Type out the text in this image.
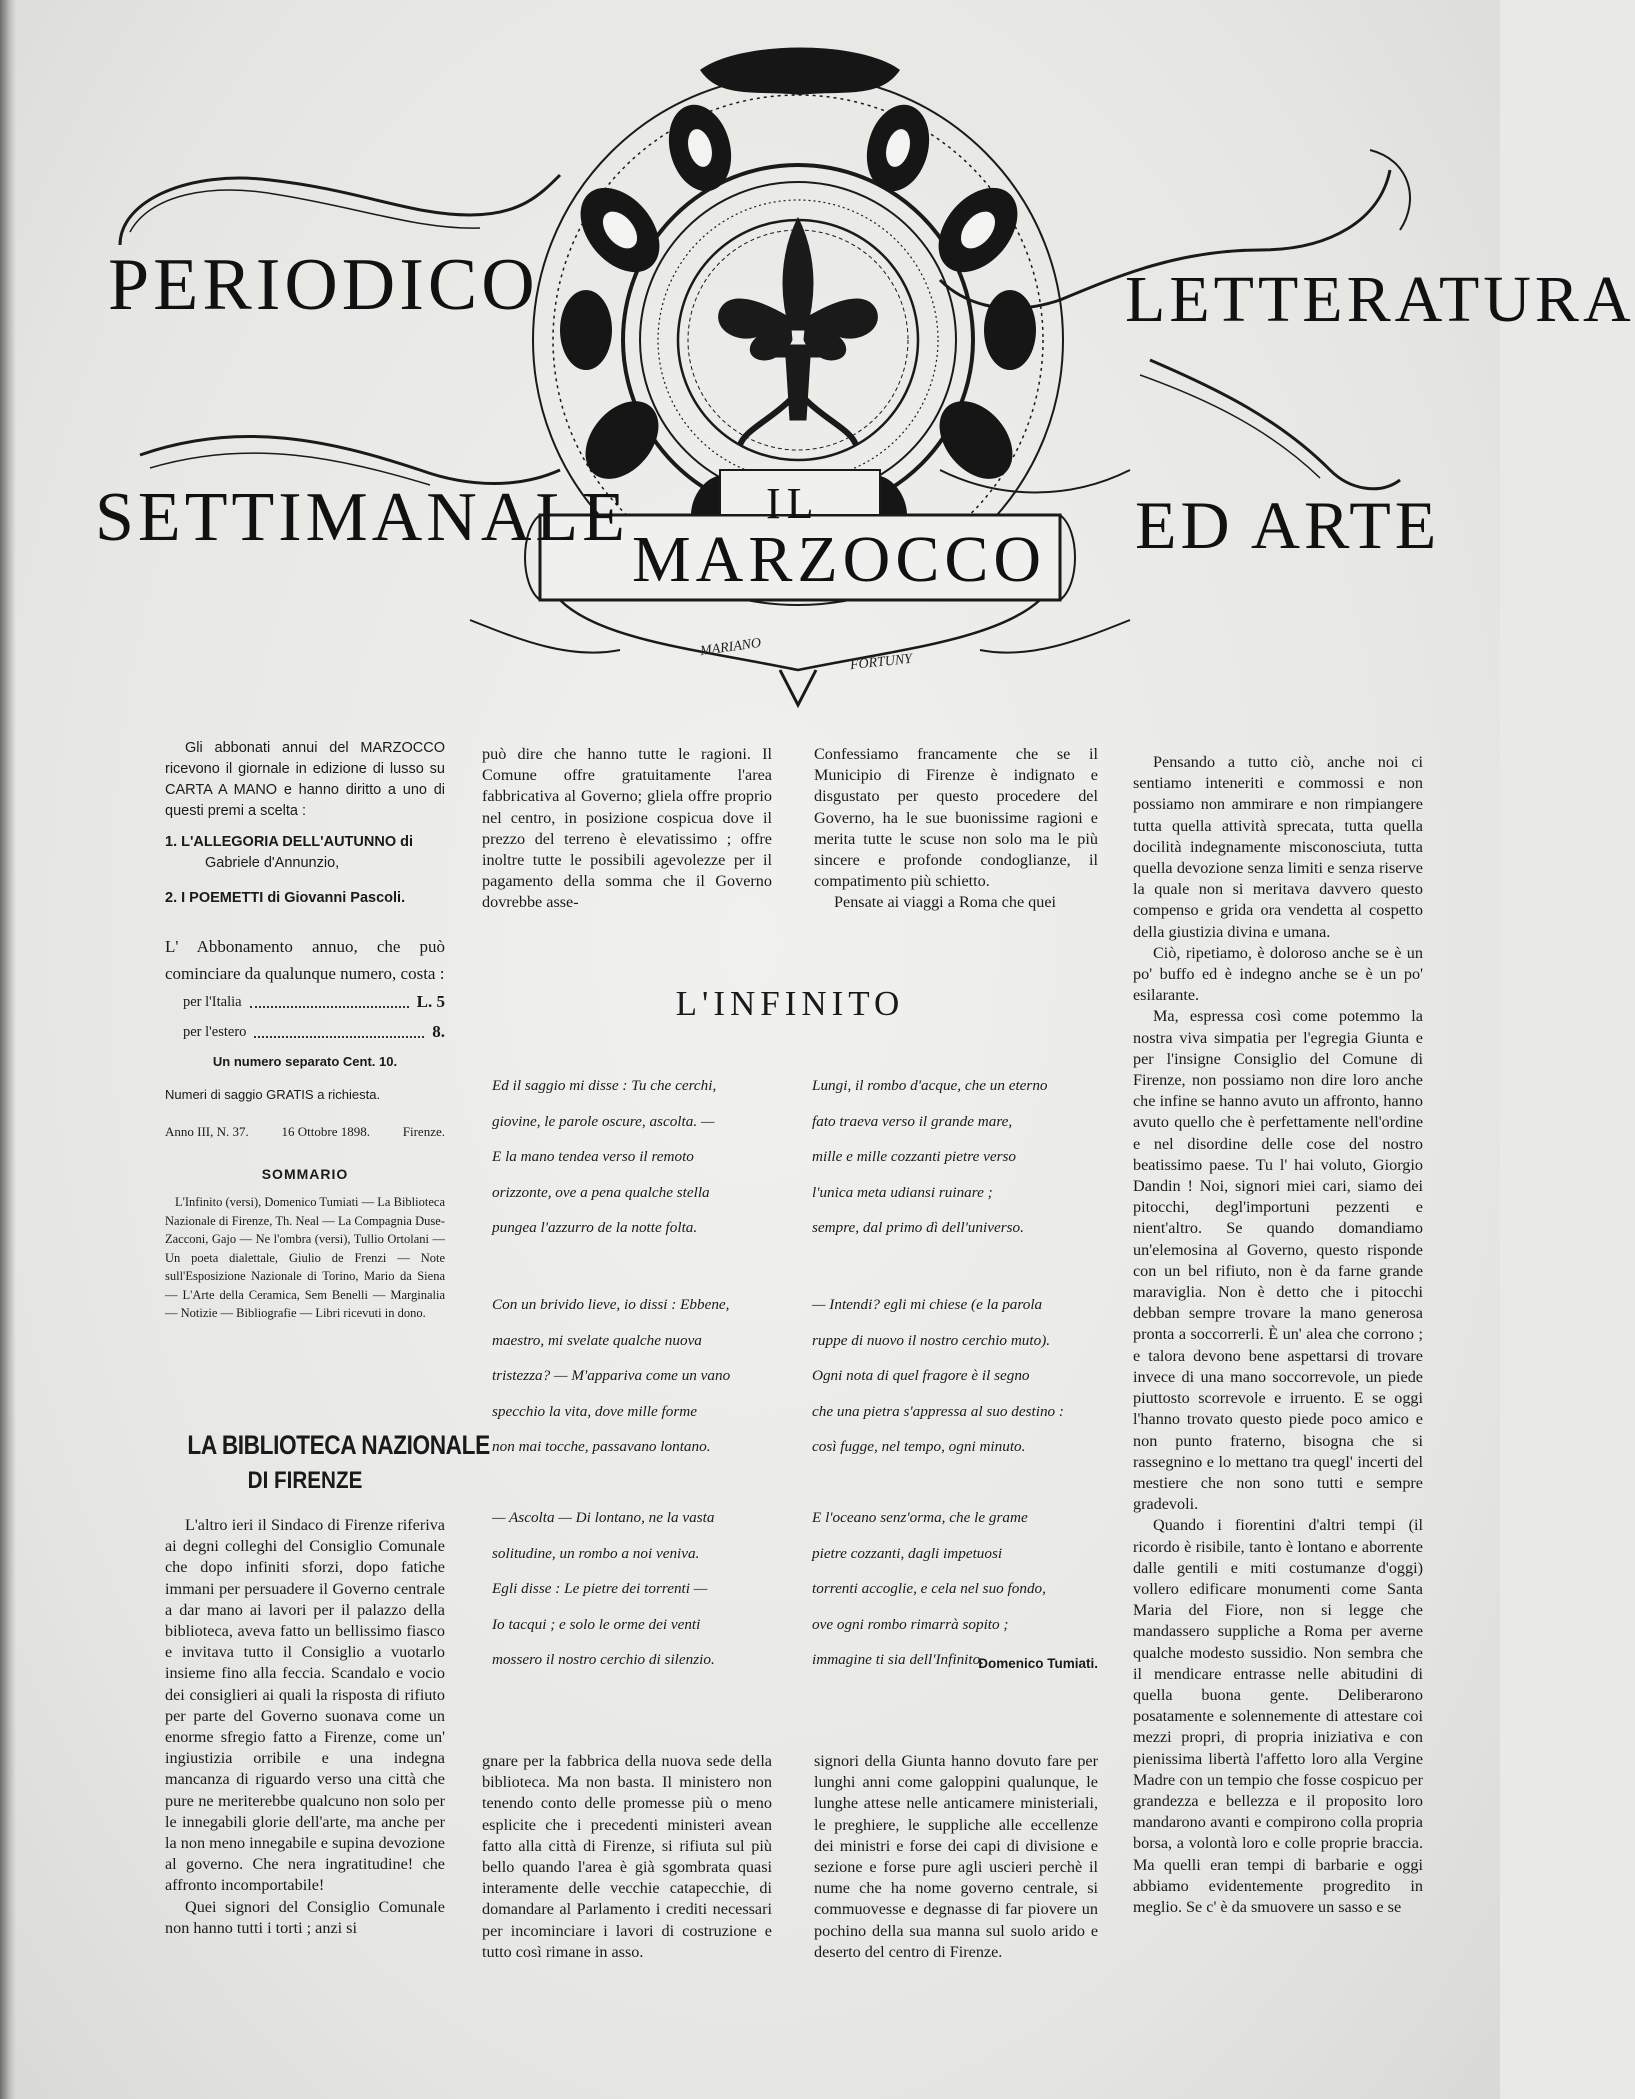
PERIODICO
SETTIMANALE
LETTERATURA
ED ARTE
IL
MARZOCCO
MARIANO
FORTUNY

Gli abbonati annui del MARZOCCO ricevono il giornale in edizione di lusso su CARTA A MANO e hanno diritto a uno di questi premi a scelta :

1. L'ALLEGORIA DELL'AUTUNNO di
Gabriele d'Annunzio,
2. I POEMETTI di Giovanni Pascoli.
L' Abbonamento annuo, che può cominciare da qualunque numero, costa :
per l'Italia	L. 5
per l'estero	8.
Un numero separato Cent. 10.
Numeri di saggio GRATIS a richiesta.
Anno III, N. 37.	16 Ottobre 1898.	Firenze.
SOMMARIO
L'Infinito (versi), Domenico Tumiati — La Biblioteca Nazionale di Firenze, Th. Neal — La Compagnia Duse-Zacconi, Gajo — Ne l'ombra (versi), Tullio Ortolani — Un poeta dialettale, Giulio de Frenzi — Note sull'Esposizione Nazionale di Torino, Mario da Siena — L'Arte della Ceramica, Sem Benelli — Marginalia — Notizie — Bibliografie — Libri ricevuti in dono.
LA BIBLIOTECA NAZIONALE
DI FIRENZE

L'altro ieri il Sindaco di Firenze riferiva ai degni colleghi del Consiglio Comunale che dopo infiniti sforzi, dopo fatiche immani per persuadere il Governo centrale a dar mano ai lavori per il palazzo della biblioteca, aveva fatto un bellissimo fiasco e invitava tutto il Consiglio a vuotarlo insieme fino alla feccia. Scandalo e vocio dei consiglieri ai quali la risposta di rifiuto per parte del Governo suonava come un enorme sfregio fatto a Firenze, come un' ingiustizia orribile e una indegna mancanza di riguardo verso una città che pure ne meriterebbe qualcuno non solo per le innegabili glorie dell'arte, ma anche per la non meno innegabile e supina devozione al governo. Che nera ingratitudine! che affronto incomportabile!

Quei signori del Consiglio Comunale non hanno tutti i torti ; anzi si

può dire che hanno tutte le ragioni. Il Comune offre gratuitamente l'area fabbricativa al Governo; gliela offre proprio nel centro, in posizione cospicua dove il prezzo del terreno è elevatissimo ; offre inoltre tutte le possibili agevolezze per il pagamento della somma che il Governo dovrebbe asse-

Confessiamo francamente che se il Municipio di Firenze è indignato e disgustato per questo procedere del Governo, ha le sue buonissime ragioni e merita tutte le scuse non solo ma le più sincere e profonde condoglianze, il compatimento più schietto.

Pensate ai viaggi a Roma che quei

L'INFINITO
Ed il saggio mi disse : Tu che cerchi,
giovine, le parole oscure, ascolta. —
E la mano tendea verso il remoto
orizzonte, ove a pena qualche stella
pungea l'azzurro de la notte folta.
Con un brivido lieve, io dissi : Ebbene,
maestro, mi svelate qualche nuova
tristezza? — M'appariva come un vano
specchio la vita, dove mille forme
non mai tocche, passavano lontano.
— Ascolta — Di lontano, ne la vasta
solitudine, un rombo a noi veniva.
Egli disse : Le pietre dei torrenti —
Io tacqui ; e solo le orme dei venti
mossero il nostro cerchio di silenzio.
Lungi, il rombo d'acque, che un eterno
fato traeva verso il grande mare,
mille e mille cozzanti pietre verso
l'unica meta udiansi ruinare ;
sempre, dal primo dì dell'universo.
— Intendi? egli mi chiese (e la parola
ruppe di nuovo il nostro cerchio muto).
Ogni nota di quel fragore è il segno
che una pietra s'appressa al suo destino :
così fugge, nel tempo, ogni minuto.
E l'oceano senz'orma, che le grame
pietre cozzanti, dagli impetuosi
torrenti accoglie, e cela nel suo fondo,
ove ogni rombo rimarrà sopito ;
immagine ti sia dell'Infinito.
Domenico Tumiati.

gnare per la fabbrica della nuova sede della biblioteca. Ma non basta. Il ministero non tenendo conto delle promesse più o meno esplicite che i precedenti ministeri avean fatto alla città di Firenze, si rifiuta sul più bello quando l'area è già sgombrata quasi interamente delle vecchie catapecchie, di domandare al Parlamento i crediti necessari per incominciare i lavori di costruzione e tutto così rimane in asso.

signori della Giunta hanno dovuto fare per lunghi anni come galoppini qualunque, le lunghe attese nelle anticamere ministeriali, le preghiere, le suppliche alle eccellenze dei ministri e forse dei capi di divisione e sezione e forse pure agli uscieri perchè il nume che ha nome governo centrale, si commuovesse e degnasse di far piovere un pochino della sua manna sul suolo arido e deserto del centro di Firenze.

Pensando a tutto ciò, anche noi ci sentiamo inteneriti e commossi e non possiamo non ammirare e non rimpiangere tutta quella attività sprecata, tutta quella docilità indegnamente misconosciuta, tutta quella devozione senza limiti e senza riserve la quale non si meritava davvero questo compenso e grida ora vendetta al cospetto della giustizia divina e umana.

Ciò, ripetiamo, è doloroso anche se è un po' buffo ed è indegno anche se è un po' esilarante.

Ma, espressa così come potemmo la nostra viva simpatia per l'egregia Giunta e per l'insigne Consiglio del Comune di Firenze, non possiamo non dire loro anche che infine se hanno avuto un affronto, hanno avuto quello che è perfettamente nell'ordine e nel disordine delle cose del nostro beatissimo paese. Tu l' hai voluto, Giorgio Dandin ! Noi, signori miei cari, siamo dei pitocchi, degl'importuni pezzenti e nient'altro. Se quando domandiamo un'elemosina al Governo, questo risponde con un bel rifiuto, non è da farne grande maraviglia. Non è detto che i pitocchi debban sempre trovare la mano generosa pronta a soccorrerli. È un' alea che corrono ; e talora devono bene aspettarsi di trovare invece di una mano soccorrevole, un piede piuttosto scorrevole e irruento. E se oggi l'hanno trovato questo piede poco amico e non punto fraterno, bisogna che si rassegnino e lo mettano tra quegl' incerti del mestiere che non sono tutti e sempre gradevoli.

Quando i fiorentini d'altri tempi (il ricordo è risibile, tanto è lontano e aborrente dalle gentili e miti costumanze d'oggi) vollero edificare monumenti come Santa Maria del Fiore, non si legge che mandassero suppliche a Roma per averne qualche modesto sussidio. Non sembra che il mendicare entrasse nelle abitudini di quella buona gente. Deliberarono posatamente e solennemente di attestare coi mezzi propri, di propria iniziativa e con pienissima libertà l'affetto loro alla Vergine Madre con un tempio che fosse cospicuo per grandezza e bellezza e il proposito loro mandarono avanti e compirono colla propria borsa, a volontà loro e colle proprie braccia. Ma quelli eran tempi di barbarie e oggi abbiamo evidentemente progredito in meglio. Se c' è da smuovere un sasso e se
